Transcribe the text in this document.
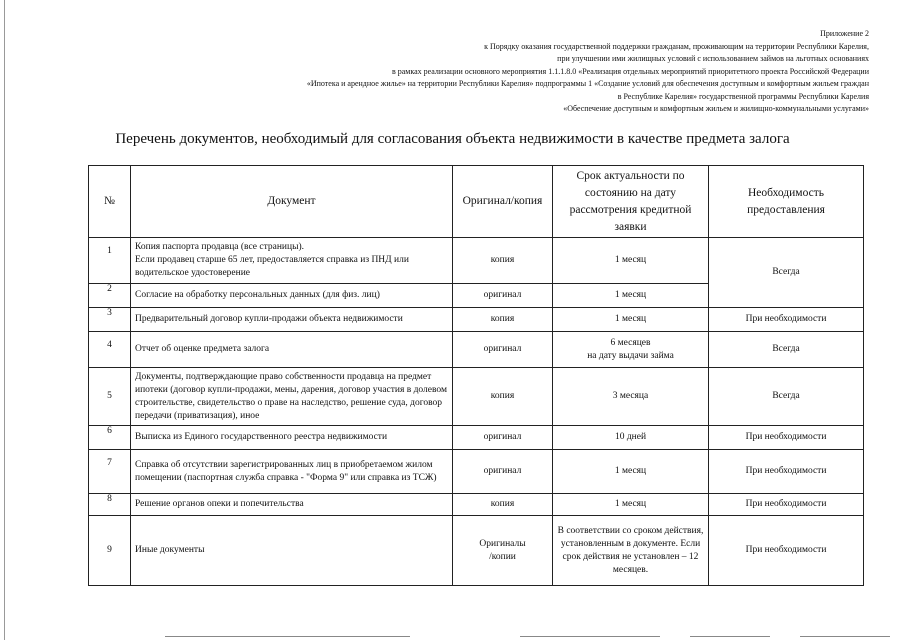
Приложение 2
к Порядку оказания государственной поддержки гражданам, проживающим на территории Республики Карелия,
при улучшении ими жилищных условий с использованием займов на льготных основаниях
в рамках реализации основного мероприятия 1.1.1.8.0 «Реализация отдельных мероприятий приоритетного проекта Российской Федерации
«Ипотека и арендное жилье» на территории Республики Карелия» подпрограммы 1 «Создание условий для обеспечения доступным и комфортным жильем граждан
в Республике Карелия» государственной программы Республики Карелия
«Обеспечение доступным и комфортным жильем и жилищно-коммунальными услугами»
Перечень документов, необходимый для согласования объекта недвижимости в качестве предмета залога
№	Документ	Оригинал/копия	Срок актуальности по состоянию на дату рассмотрения кредитной заявки	Необходимость предоставления
1	Копия паспорта продавца (все страницы).
Если продавец старше 65 лет, предоставляется справка из ПНД или водительское удостоверение	копия	1 месяц	Всегда
2	Согласие на обработку персональных данных (для физ. лиц)	оригинал	1 месяц	
3	Предварительный договор купли-продажи объекта недвижимости	копия	1 месяц	При необходимости
4	Отчет об оценке предмета залога	оригинал	6 месяцев
на дату выдачи займа	Всегда
5	Документы, подтверждающие право собственности продавца на предмет ипотеки (договор купли-продажи, мены, дарения, договор участия в долевом строительстве, свидетельство о праве на наследство, решение суда, договор передачи (приватизация), иное	копия	3 месяца	Всегда
6	Выписка из Единого государственного реестра недвижимости	оригинал	10 дней	При необходимости
7	Справка об отсутствии зарегистрированных лиц в приобретаемом жилом помещении (паспортная служба справка - "Форма 9" или справка из ТСЖ)	оригинал	1 месяц	При необходимости
8	Решение органов опеки и попечительства	копия	1 месяц	При необходимости
9	Иные документы	Оригиналы
/копии	В соответствии со сроком действия, установленным в документе. Если срок действия не установлен – 12 месяцев.	При необходимости
